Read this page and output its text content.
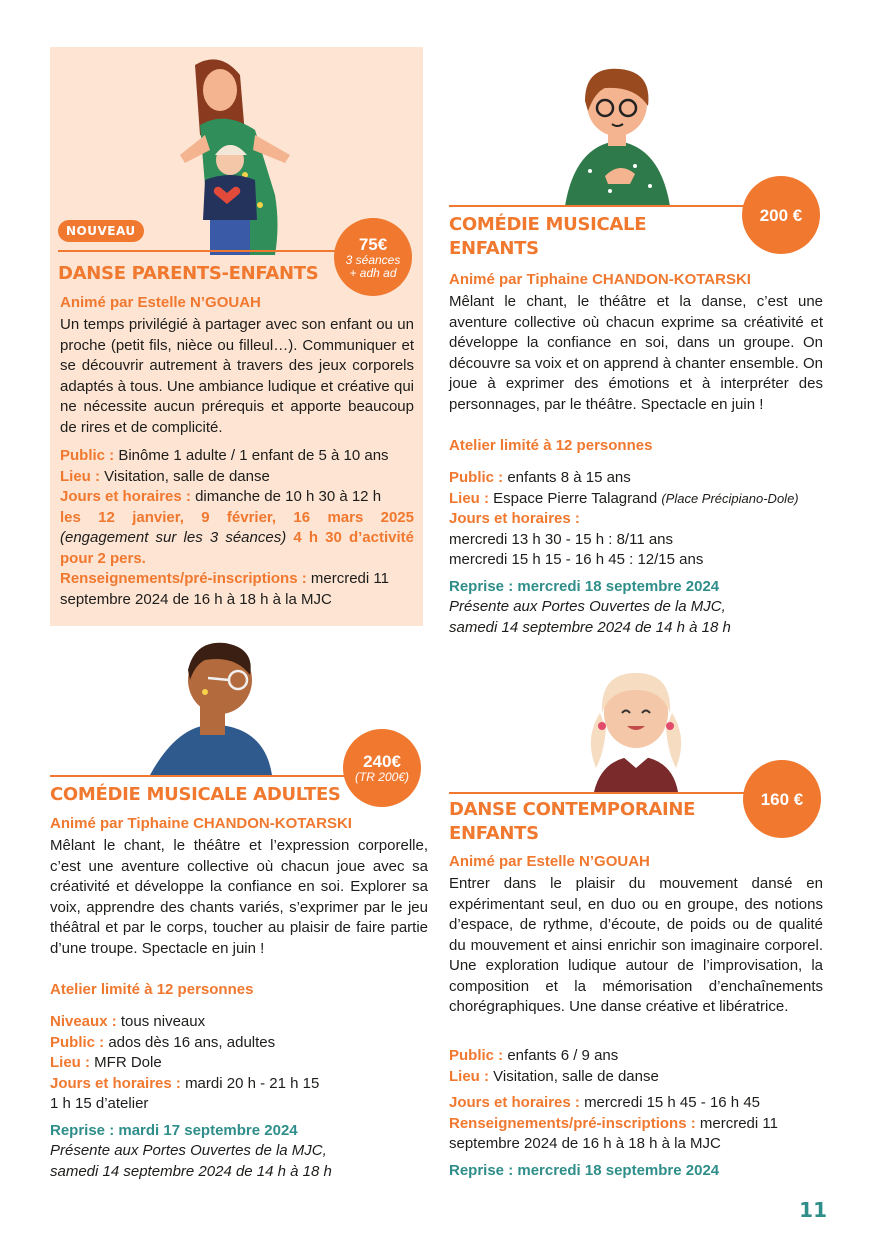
NOUVEAU
75€
3 séances
+ adh ad
DANSE PARENTS-ENFANTS
Animé par Estelle N’GOUAH
Un temps privilégié à partager avec son enfant ou un proche (petit fils, nièce ou filleul…). Communiquer et se découvrir autrement à travers des jeux corporels adaptés à tous. Une ambiance ludique et créative qui ne nécessite aucun prérequis et apporte beaucoup de rires et de complicité.
Public : Binôme 1 adulte / 1 enfant de 5 à 10 ans
Lieu : Visitation, salle de danse
Jours et horaires : dimanche de 10 h 30 à 12 h
les 12 janvier, 9 février, 16 mars 2025 (engagement sur les 3 séances) 4 h 30 d’activité pour 2 pers.
Renseignements/pré-inscriptions : mercredi 11 septembre 2024 de 16 h à 18 h à la MJC
200 €
COMÉDIE MUSICALE
ENFANTS
Animé par Tiphaine CHANDON-KOTARSKI
Mêlant le chant, le théâtre et la danse, c’est une aventure collective où chacun exprime sa créativité et développe la confiance en soi, dans un groupe. On découvre sa voix et on apprend à chanter ensemble. On joue à exprimer des émotions et à interpréter des personnages, par le théâtre. Spectacle en juin !
Atelier limité à 12 personnes
Public : enfants 8 à 15 ans
Lieu : Espace Pierre Talagrand (Place Précipiano-Dole)
Jours et horaires :
mercredi 13 h 30 - 15 h : 8/11 ans
mercredi 15 h 15 - 16 h 45 : 12/15 ans
Reprise : mercredi 18 septembre 2024
Présente aux Portes Ouvertes de la MJC,
samedi 14 septembre 2024 de 14 h à 18 h
240€
(TR 200€)
COMÉDIE MUSICALE ADULTES
Animé par Tiphaine CHANDON-KOTARSKI
Mêlant le chant, le théâtre et l’expression corporelle, c’est une aventure collective où chacun joue avec sa créativité et développe la confiance en soi. Explorer sa voix, apprendre des chants variés, s’exprimer par le jeu théâtral et par le corps, toucher au plaisir de faire partie d’une troupe. Spectacle en juin !
Atelier limité à 12 personnes
Niveaux : tous niveaux
Public : ados dès 16 ans, adultes
Lieu : MFR Dole
Jours et horaires : mardi 20 h - 21 h 15
1 h 15 d’atelier
Reprise : mardi 17 septembre 2024
Présente aux Portes Ouvertes de la MJC,
samedi 14 septembre 2024 de 14 h à 18 h
160 €
DANSE CONTEMPORAINE
ENFANTS
Animé par Estelle N’GOUAH
Entrer dans le plaisir du mouvement dansé en expérimentant seul, en duo ou en groupe, des notions d’espace, de rythme, d’écoute, de poids ou de qualité du mouvement et ainsi enrichir son imaginaire corporel. Une exploration ludique autour de l’improvisation, la composition et la mémorisation d’enchaînements chorégraphiques. Une danse créative et libératrice.
Public : enfants 6 / 9 ans
Lieu : Visitation, salle de danse
Jours et horaires : mercredi 15 h 45 - 16 h 45
Renseignements/pré-inscriptions : mercredi 11 septembre 2024 de 16 h à 18 h à la MJC
Reprise : mercredi 18 septembre 2024
11
